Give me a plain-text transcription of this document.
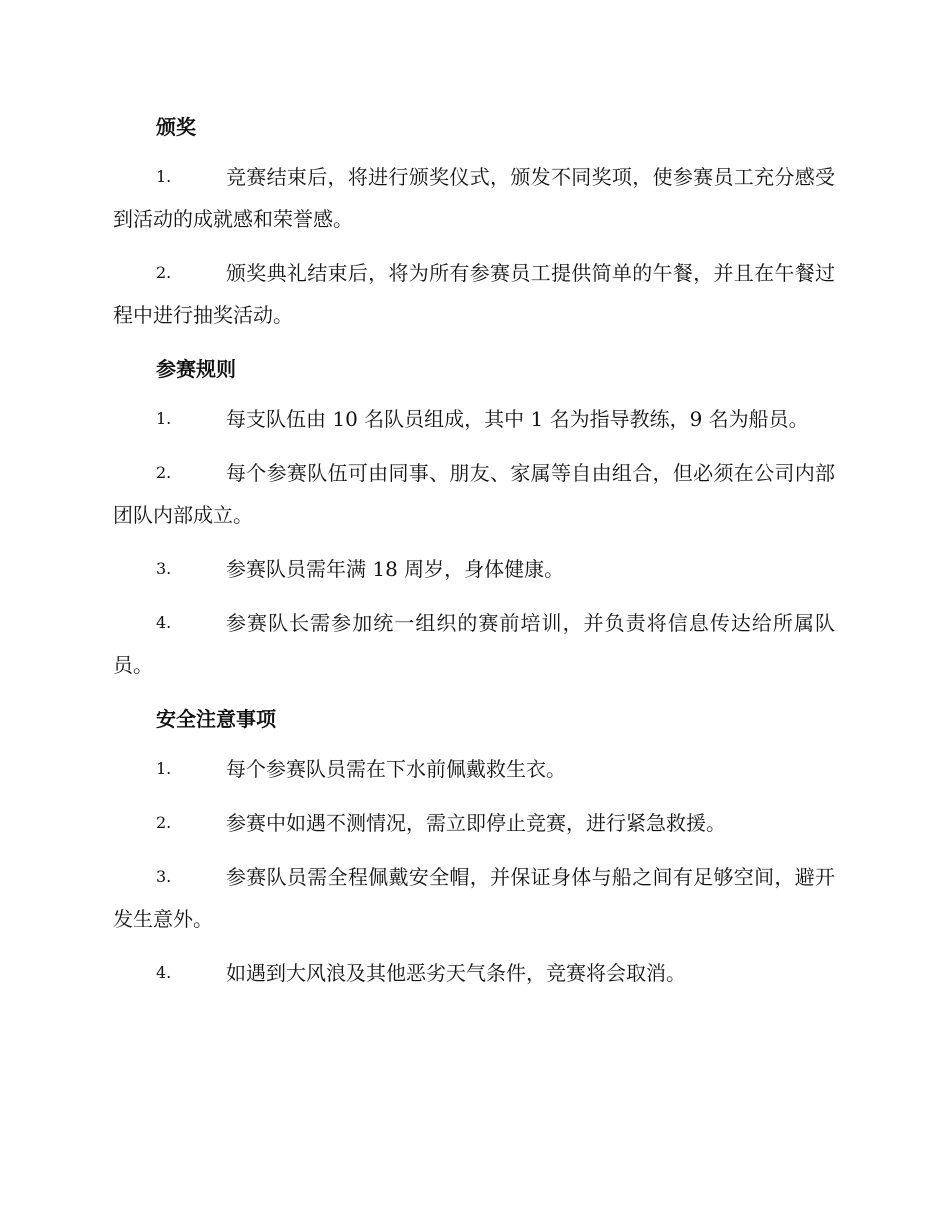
颁奖
1.	竞赛结束后，将进行颁奖仪式，颁发不同奖项，使参赛员工充分感受到活动的成就感和荣誉感。
2.	颁奖典礼结束后，将为所有参赛员工提供简单的午餐，并且在午餐过程中进行抽奖活动。
参赛规则
1.	每支队伍由 10 名队员组成，其中 1 名为指导教练，9 名为船员。
2.	每个参赛队伍可由同事、朋友、家属等自由组合，但必须在公司内部团队内部成立。
3.	参赛队员需年满 18 周岁，身体健康。
4.	参赛队长需参加统一组织的赛前培训，并负责将信息传达给所属队员。
安全注意事项
1.	每个参赛队员需在下水前佩戴救生衣。
2.	参赛中如遇不测情况，需立即停止竞赛，进行紧急救援。
3.	参赛队员需全程佩戴安全帽，并保证身体与船之间有足够空间，避开发生意外。
4.	如遇到大风浪及其他恶劣天气条件，竞赛将会取消。
